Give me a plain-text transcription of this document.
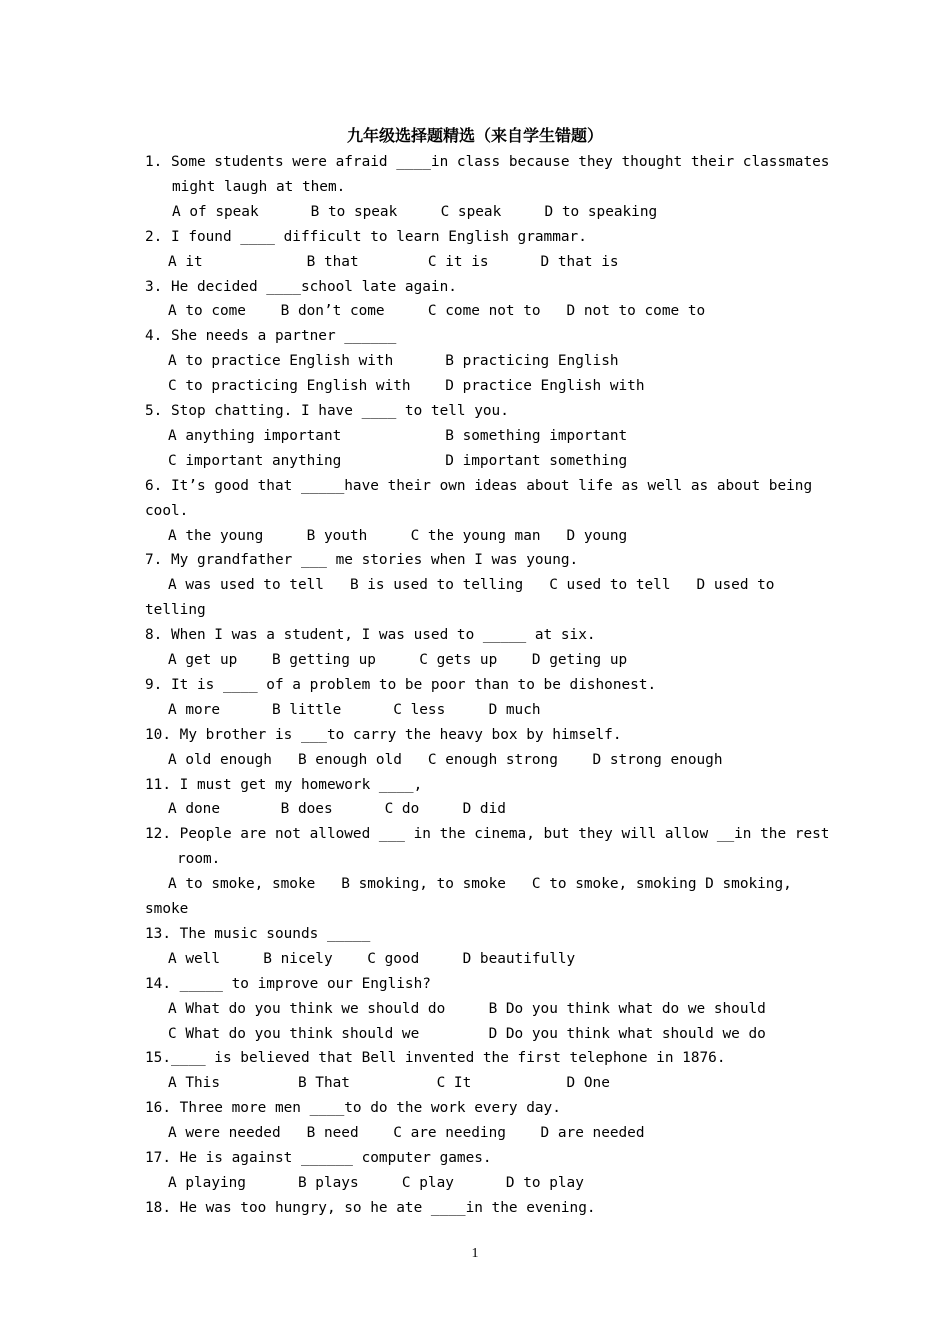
九年级选择题精选（来自学生错题）
1. Some students were afraid ____in class because they thought their classmates
might laugh at them.
A of speak      B to speak     C speak     D to speaking
2. I found ____ difficult to learn English grammar.
A it            B that        C it is      D that is
3. He decided ____school late again.
A to come    B don’t come     C come not to   D not to come to
4. She needs a partner ______
A to practice English with      B practicing English
C to practicing English with    D practice English with
5. Stop chatting. I have ____ to tell you.
A anything important            B something important
C important anything            D important something
6. It’s good that _____have their own ideas about life as well as about being
cool.
A the young     B youth     C the young man   D young
7. My grandfather ___ me stories when I was young.
A was used to tell   B is used to telling   C used to tell   D used to
telling
8. When I was a student, I was used to _____ at six.
A get up    B getting up     C gets up    D geting up
9. It is ____ of a problem to be poor than to be dishonest.
A more      B little      C less     D much
10. My brother is ___to carry the heavy box by himself.
A old enough   B enough old   C enough strong    D strong enough
11. I must get my homework ____,
A done       B does      C do     D did
12. People are not allowed ___ in the cinema, but they will allow __in the rest
room.
A to smoke, smoke   B smoking, to smoke   C to smoke, smoking D smoking,
smoke
13. The music sounds _____
A well     B nicely    C good     D beautifully
14. _____ to improve our English?
A What do you think we should do     B Do you think what do we should
C What do you think should we        D Do you think what should we do
15.____ is believed that Bell invented the first telephone in 1876.
A This         B That          C It           D One
16. Three more men ____to do the work every day.
A were needed   B need    C are needing    D are needed
17. He is against ______ computer games.
A playing      B plays     C play      D to play
18. He was too hungry, so he ate ____in the evening.
1
